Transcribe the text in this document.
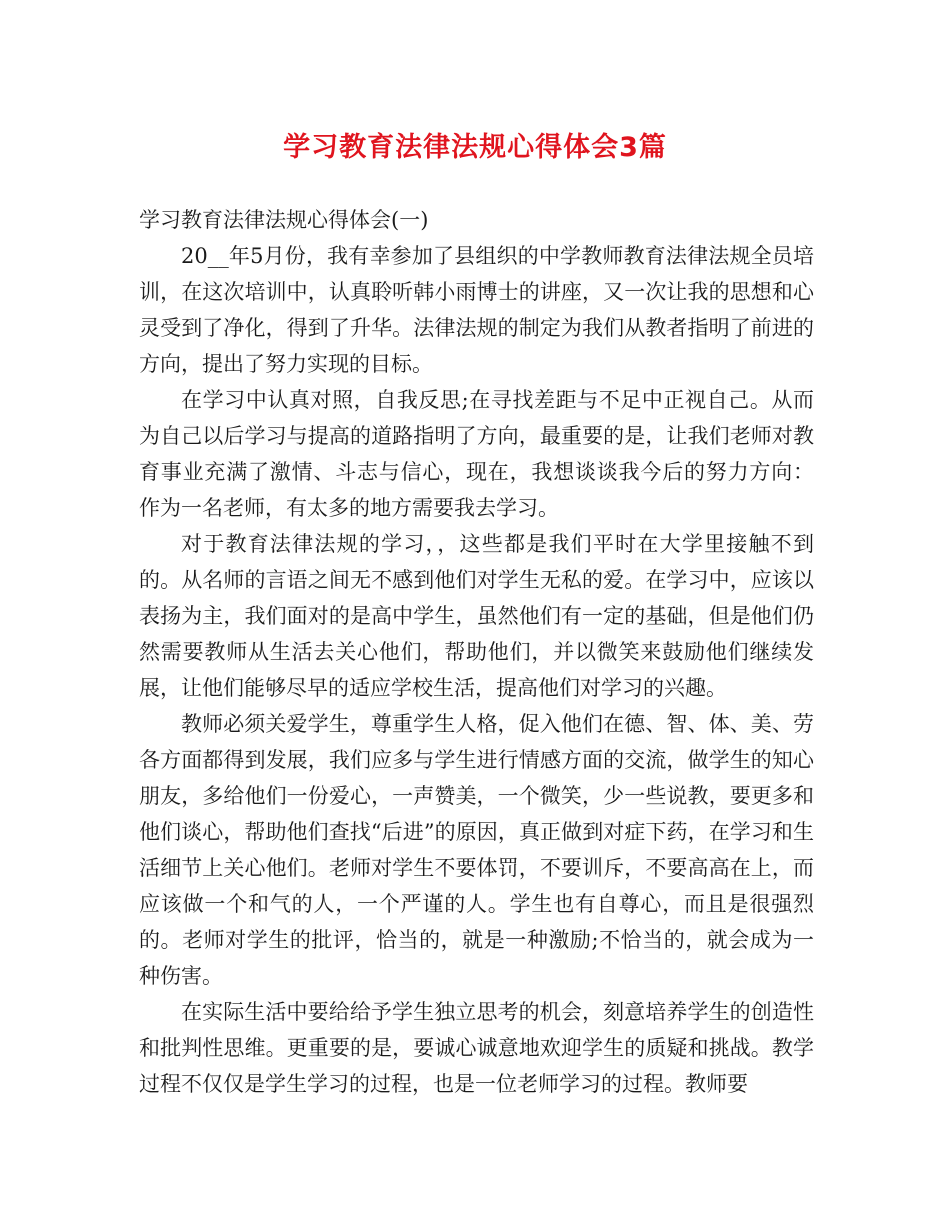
学习教育法律法规心得体会3篇
学习教育法律法规心得体会(一)

20__年5月份，我有幸参加了县组织的中学教师教育法律法规全员培训，在这次培训中，认真聆听韩小雨博士的讲座，又一次让我的思想和心灵受到了净化，得到了升华。法律法规的制定为我们从教者指明了前进的方向，提出了努力实现的目标。

在学习中认真对照，自我反思;在寻找差距与不足中正视自己。从而为自己以后学习与提高的道路指明了方向，最重要的是，让我们老师对教育事业充满了激情、斗志与信心，现在，我想谈谈我今后的努力方向： 作为一名老师，有太多的地方需要我去学习。

对于教育法律法规的学习，，这些都是我们平时在大学里接触不到的。从名师的言语之间无不感到他们对学生无私的爱。在学习中，应该以表扬为主，我们面对的是高中学生，虽然他们有一定的基础，但是他们仍然需要教师从生活去关心他们，帮助他们，并以微笑来鼓励他们继续发展，让他们能够尽早的适应学校生活，提高他们对学习的兴趣。

教师必须关爱学生，尊重学生人格，促入他们在德、智、体、美、劳各方面都得到发展，我们应多与学生进行情感方面的交流，做学生的知心朋友，多给他们一份爱心，一声赞美，一个微笑，少一些说教，要更多和他们谈心，帮助他们查找“后进”的原因，真正做到对症下药，在学习和生活细节上关心他们。老师对学生不要体罚，不要训斥，不要高高在上，而应该做一个和气的人，一个严谨的人。学生也有自尊心，而且是很强烈的。老师对学生的批评，恰当的，就是一种激励;不恰当的，就会成为一种伤害。

在实际生活中要给给予学生独立思考的机会，刻意培养学生的创造性和批判性思维。更重要的是，要诚心诚意地欢迎学生的质疑和挑战。教学过程不仅仅是学生学习的过程，也是一位老师学习的过程。教师要
